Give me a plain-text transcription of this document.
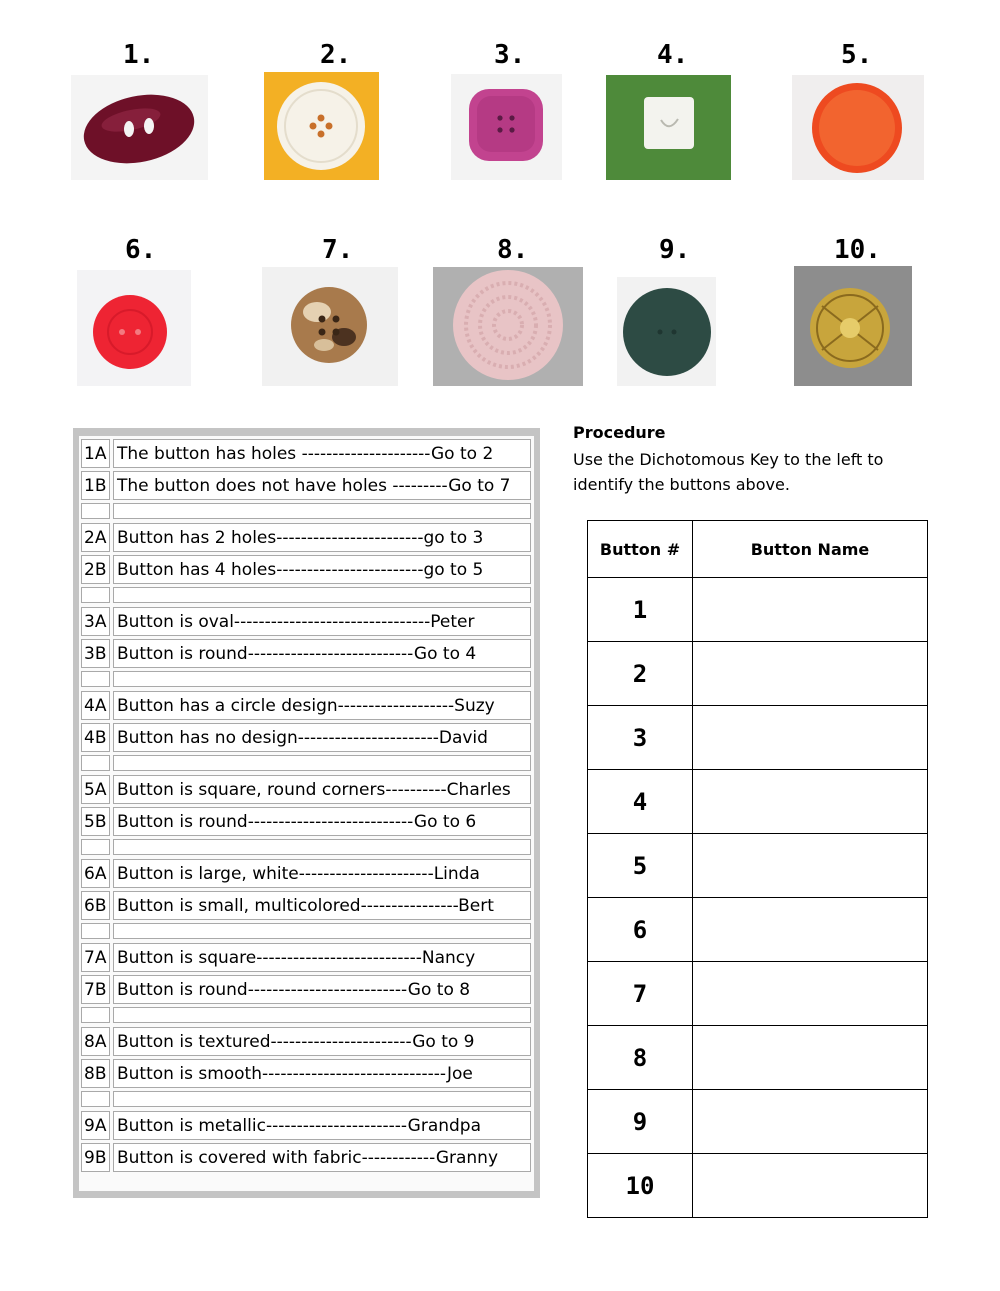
1.	2.	3.	4.	5.
6.	7.	8.	9.	10.
1A The button has holes ---------------------Go to 2
1B The button does not have holes ---------Go to 7
2A Button has 2 holes------------------------go to 3
2B Button has 4 holes------------------------go to 5
3A Button is oval--------------------------------Peter
3B Button is round---------------------------Go to 4
4A Button has a circle design-------------------Suzy
4B Button has no design-----------------------David
5A Button is square, round corners----------Charles
5B Button is round---------------------------Go to 6
6A Button is large, white----------------------Linda
6B Button is small, multicolored----------------Bert
7A Button is square---------------------------Nancy
7B Button is round--------------------------Go to 8
8A Button is textured-----------------------Go to 9
8B Button is smooth------------------------------Joe
9A Button is metallic-----------------------Grandpa
9B Button is covered with fabric------------Granny
Procedure
Use the Dichotomous Key to the left to identify the buttons above.
Button #	Button Name
1	
2	
3	
4	
5	
6	
7	
8	
9	
10	
